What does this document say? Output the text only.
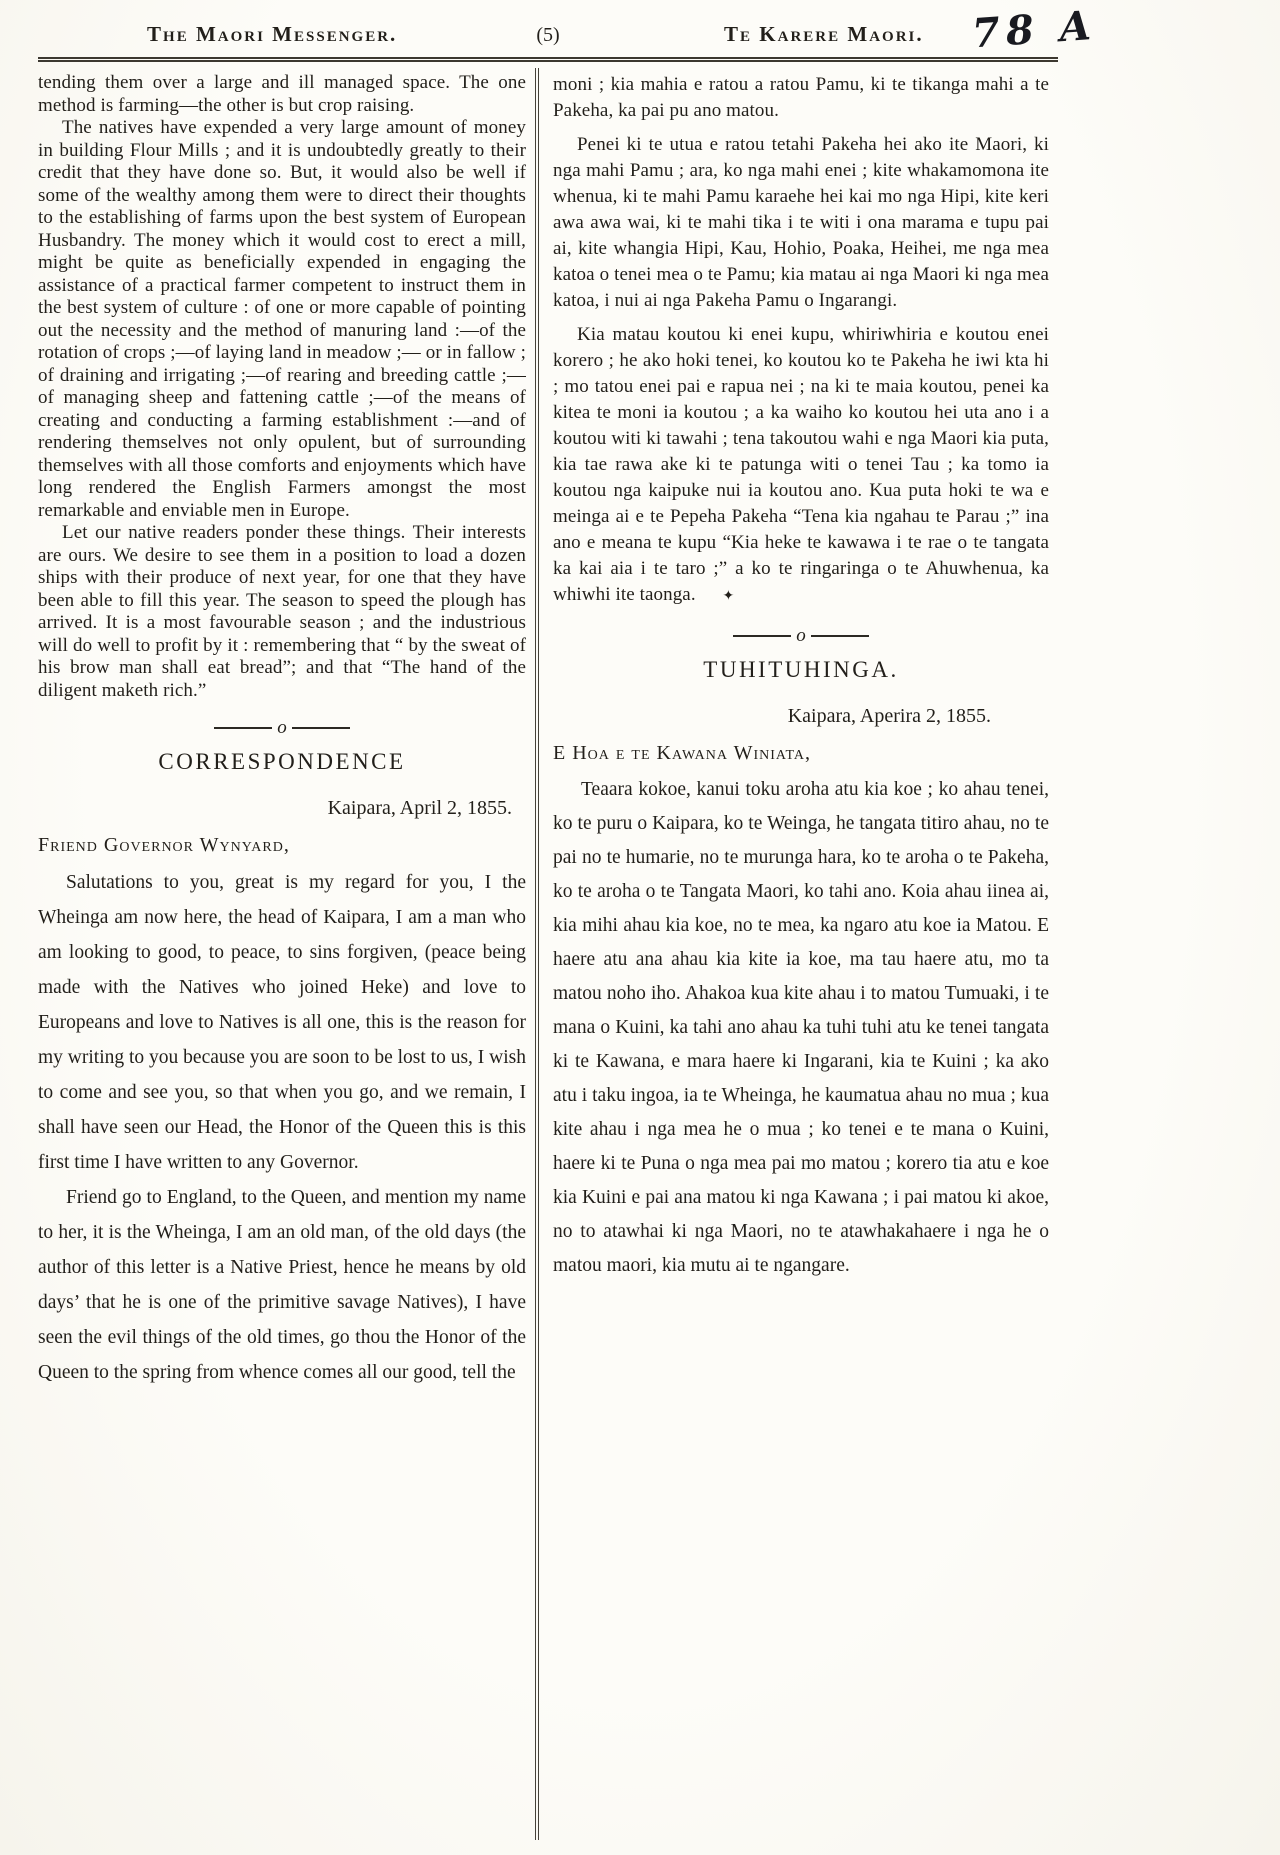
78 A
The Maori Messenger.	(5)	Te Karere Maori.

tending them over a large and ill managed space. The one method is farming—the other is but crop raising.

The natives have expended a very large amount of money in building Flour Mills ; and it is undoubtedly greatly to their credit that they have done so. But, it would also be well if some of the wealthy among them were to direct their thoughts to the establishing of farms upon the best system of European Husbandry. The money which it would cost to erect a mill, might be quite as beneficially expended in engaging the assistance of a practical farmer competent to instruct them in the best system of culture : of one or more capable of pointing out the necessity and the method of manuring land :—of the rotation of crops ;—of laying land in meadow ;— or in fallow ; of draining and irrigating ;—of rearing and breeding cattle ;—of managing sheep and fattening cattle ;—of the means of creating and conducting a farming establishment :—and of rendering themselves not only opulent, but of surrounding themselves with all those comforts and enjoyments which have long rendered the English Farmers amongst the most remarkable and enviable men in Europe.

Let our native readers ponder these things. Their interests are ours. We desire to see them in a position to load a dozen ships with their produce of next year, for one that they have been able to fill this year. The season to speed the plough has arrived. It is a most favourable season ; and the industrious will do well to profit by it : remembering that “ by the sweat of his brow man shall eat bread”; and that “The hand of the diligent maketh rich.”

o
CORRESPONDENCE

Kaipara, April 2, 1855.

Friend Governor Wynyard,

Salutations to you, great is my regard for you, I the Wheinga am now here, the head of Kaipara, I am a man who am looking to good, to peace, to sins forgiven, (peace being made with the Natives who joined Heke) and love to Europeans and love to Natives is all one, this is the reason for my writing to you because you are soon to be lost to us, I wish to come and see you, so that when you go, and we remain, I shall have seen our Head, the Honor of the Queen this is this first time I have written to any Governor.

Friend go to England, to the Queen, and mention my name to her, it is the Wheinga, I am an old man, of the old days (the author of this letter is a Native Priest, hence he means by old days’ that he is one of the primitive savage Natives), I have seen the evil things of the old times, go thou the Honor of the Queen to the spring from whence comes all our good, tell the

moni ; kia mahia e ratou a ratou Pamu, ki te tikanga mahi a te Pakeha, ka pai pu ano matou.

Penei ki te utua e ratou tetahi Pakeha hei ako ite Maori, ki nga mahi Pamu ; ara, ko nga mahi enei ; kite whakamomona ite whenua, ki te mahi Pamu karaehe hei kai mo nga Hipi, kite keri awa awa wai, ki te mahi tika i te witi i ona marama e tupu pai ai, kite whangia Hipi, Kau, Hohio, Poaka, Heihei, me nga mea katoa o tenei mea o te Pamu; kia matau ai nga Maori ki nga mea katoa, i nui ai nga Pakeha Pamu o Ingarangi.

Kia matau koutou ki enei kupu, whiriwhiria e koutou enei korero ; he ako hoki tenei, ko koutou ko te Pakeha he iwi kta hi ; mo tatou enei pai e rapua nei ; na ki te maia koutou, penei ka kitea te moni ia koutou ; a ka waiho ko koutou hei uta ano i a koutou witi ki tawahi ; tena takoutou wahi e nga Maori kia puta, kia tae rawa ake ki te patunga witi o tenei Tau ; ka tomo ia koutou nga kaipuke nui ia koutou ano. Kua puta hoki te wa e meinga ai e te Pepeha Pakeha “Tena kia ngahau te Parau ;” ina ano e meana te kupu “Kia heke te kawawa i te rae o te tangata ka kai aia i te taro ;” a ko te ringaringa o te Ahuwhenua, ka whiwhi ite taonga. ✦

o
TUHITUHINGA.

Kaipara, Aperira 2, 1855.

E Hoa e te Kawana Winiata,

Teaara kokoe, kanui toku aroha atu kia koe ; ko ahau tenei, ko te puru o Kaipara, ko te Weinga, he tangata titiro ahau, no te pai no te humarie, no te murunga hara, ko te aroha o te Pakeha, ko te aroha o te Tangata Maori, ko tahi ano. Koia ahau iinea ai, kia mihi ahau kia koe, no te mea, ka ngaro atu koe ia Matou. E haere atu ana ahau kia kite ia koe, ma tau haere atu, mo ta matou noho iho. Ahakoa kua kite ahau i to matou Tumuaki, i te mana o Kuini, ka tahi ano ahau ka tuhi tuhi atu ke tenei tangata ki te Kawana, e mara haere ki Ingarani, kia te Kuini ; ka ako atu i taku ingoa, ia te Wheinga, he kaumatua ahau no mua ; kua kite ahau i nga mea he o mua ; ko tenei e te mana o Kuini, haere ki te Puna o nga mea pai mo matou ; korero tia atu e koe kia Kuini e pai ana matou ki nga Kawana ; i pai matou ki akoe, no to atawhai ki nga Maori, no te atawhakahaere i nga he o matou maori, kia mutu ai te ngangare.
